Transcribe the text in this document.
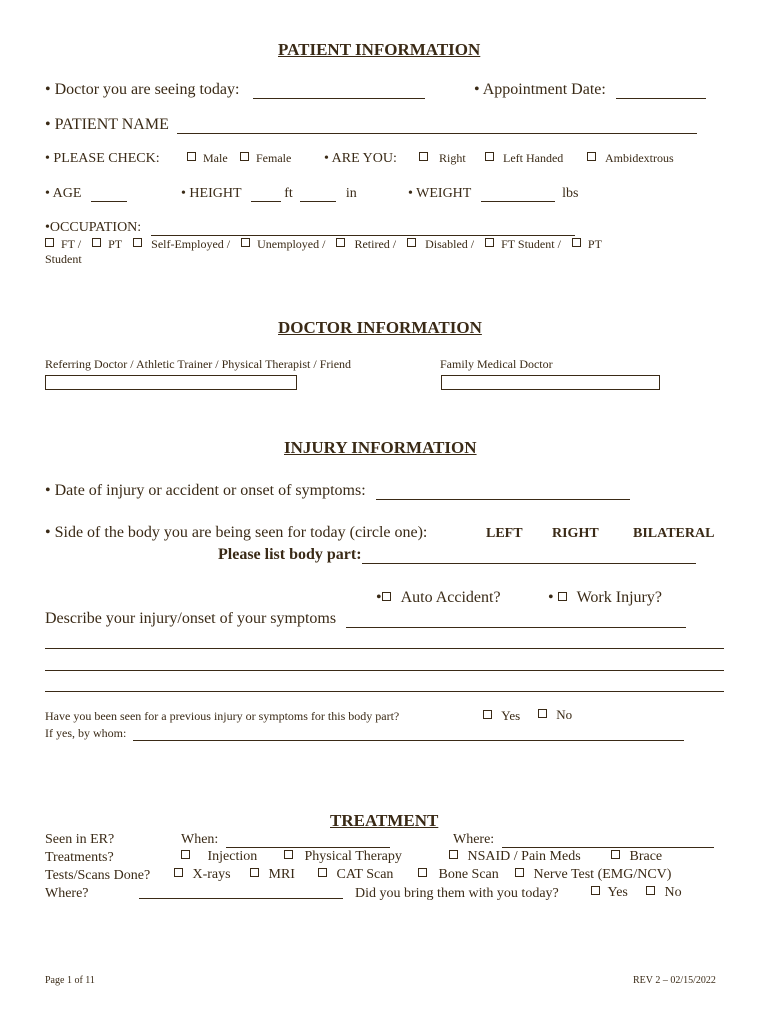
PATIENT INFORMATION
• Doctor you are seeing today:	• Appointment Date:
• PATIENT NAME
• PLEASE CHECK:	Male	Female • ARE YOU:	Right	Left Handed	Ambidextrous
• AGE	• HEIGHT	ft	in	• WEIGHT	lbs
•OCCUPATION:
FT / PT Self-Employed / Unemployed / Retired / Disabled / FT Student / PT
Student
DOCTOR INFORMATION
Referring Doctor / Athletic Trainer / Physical Therapist / Friend	Family Medical Doctor
INJURY INFORMATION
• Date of injury or accident or onset of symptoms:
• Side of the body you are being seen for today (circle one):	LEFT RIGHT BILATERAL
Please list body part:
• Auto Accident?	• Work Injury?
Describe your injury/onset of your symptoms
Have you been seen for a previous injury or symptoms for this body part?	Yes	No
If yes, by whom:
TREATMENT
Seen in ER?	When:	Where:
Treatments?	Injection	Physical Therapy	NSAID / Pain Meds	Brace
Tests/Scans Done?	X-rays	MRI	CAT Scan	Bone Scan	Nerve Test (EMG/NCV)
Where?	Did you bring them with you today?	Yes	No
Page 1 of 11	REV 2 – 02/15/2022
